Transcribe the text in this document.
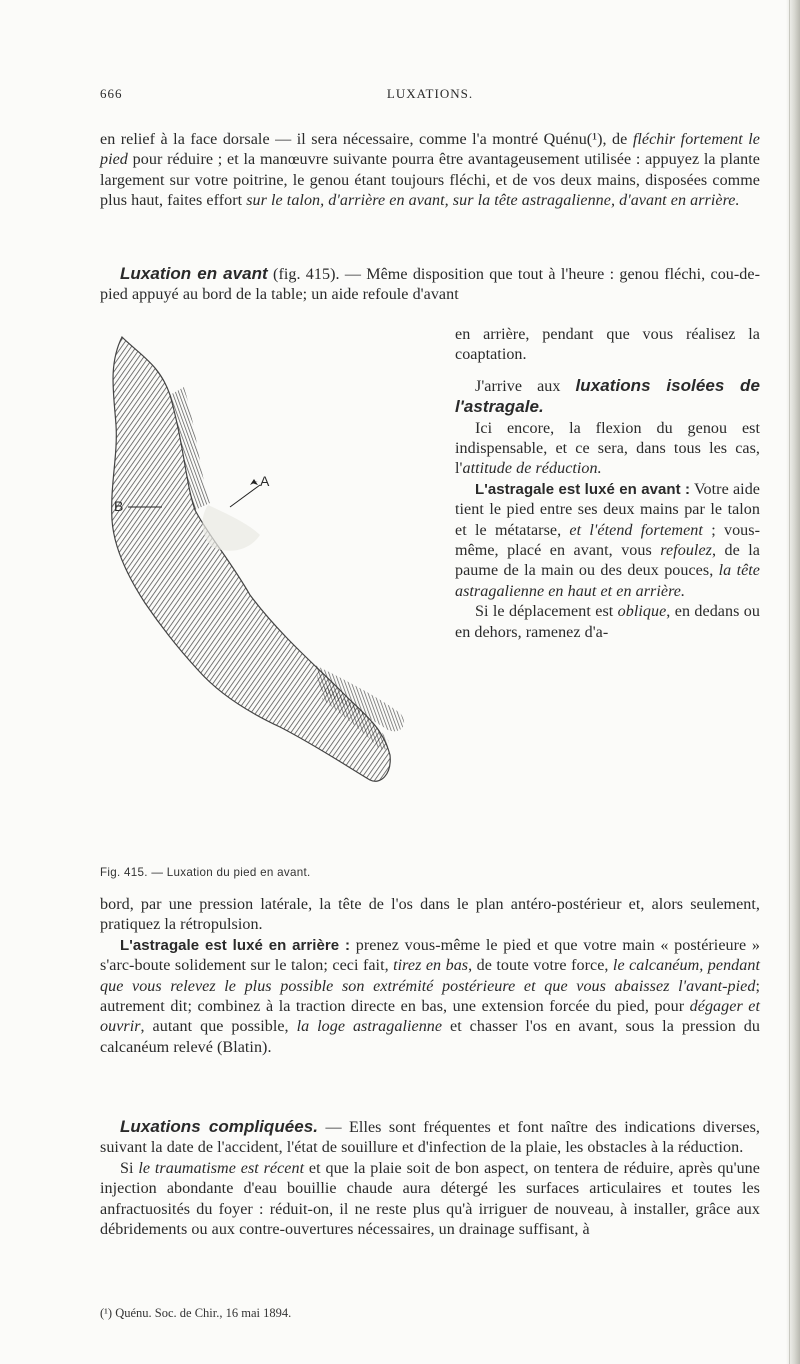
666	LUXATIONS.

en relief à la face dorsale — il sera nécessaire, comme l'a montré Quénu(¹), de fléchir fortement le pied pour réduire ; et la manœuvre suivante pourra être avantageusement utilisée : appuyez la plante largement sur votre poitrine, le genou étant toujours fléchi, et de vos deux mains, disposées comme plus haut, faites effort sur le talon, d'arrière en avant, sur la tête astragalienne, d'avant en arrière.

Luxation en avant (fig. 415). — Même disposition que tout à l'heure : genou fléchi, cou-de-pied appuyé au bord de la table; un aide refoule d'avant

en arrière, pendant que vous réalisez la coaptation.

J'arrive aux luxations isolées de l'astragale.

Ici encore, la flexion du genou est indispensable, et ce sera, dans tous les cas, l'attitude de réduction.

L'astragale est luxé en avant : Votre aide tient le pied entre ses deux mains par le talon et le métatarse, et l'étend fortement ; vous-même, placé en avant, vous refoulez, de la paume de la main ou des deux pouces, la tête astragalienne en haut et en arrière.

Si le déplacement est oblique, en dedans ou en dehors, ramenez d'a-

A
B
Fig. 415. — Luxation du pied en avant.

bord, par une pression latérale, la tête de l'os dans le plan antéro-postérieur et, alors seulement, pratiquez la rétropulsion.

L'astragale est luxé en arrière : prenez vous-même le pied et que votre main « postérieure » s'arc-boute solidement sur le talon; ceci fait, tirez en bas, de toute votre force, le calcanéum, pendant que vous relevez le plus possible son extrémité postérieure et que vous abaissez l'avant-pied; autrement dit; combinez à la traction directe en bas, une extension forcée du pied, pour dégager et ouvrir, autant que possible, la loge astragalienne et chasser l'os en avant, sous la pression du calcanéum relevé (Blatin).

Luxations compliquées. — Elles sont fréquentes et font naître des indications diverses, suivant la date de l'accident, l'état de souillure et d'infection de la plaie, les obstacles à la réduction.

Si le traumatisme est récent et que la plaie soit de bon aspect, on tentera de réduire, après qu'une injection abondante d'eau bouillie chaude aura détergé les surfaces articulaires et toutes les anfractuosités du foyer : réduit-on, il ne reste plus qu'à irriguer de nouveau, à installer, grâce aux débridements ou aux contre-ouvertures nécessaires, un drainage suffisant, à

(¹) Quénu. Soc. de Chir., 16 mai 1894.
